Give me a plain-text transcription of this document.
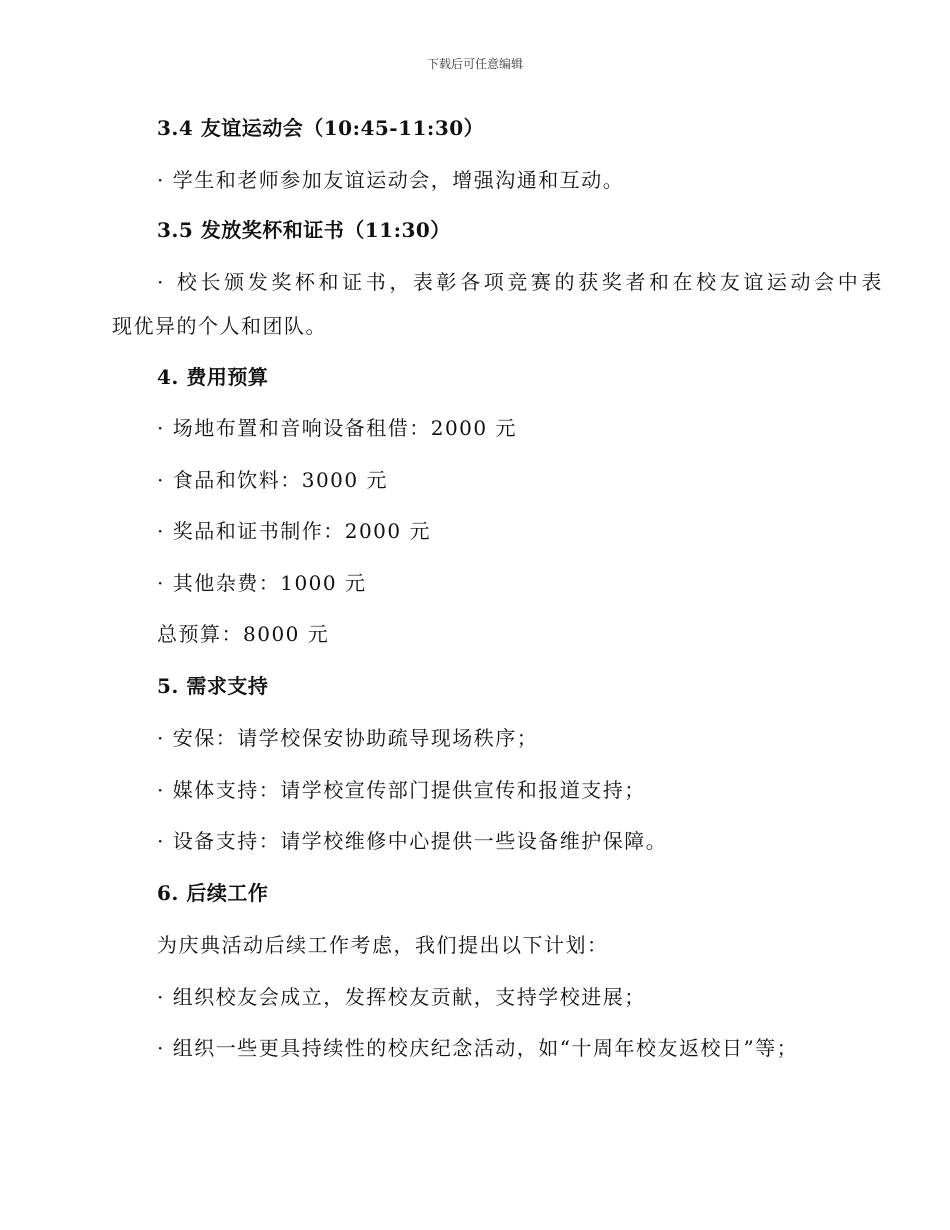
下载后可任意编辑
3.4 友谊运动会（10:45-11:30）
· 学生和老师参加友谊运动会，增强沟通和互动。
3.5 发放奖杯和证书（11:30）
· 校长颁发奖杯和证书，表彰各项竞赛的获奖者和在校友谊运动会中表
现优异的个人和团队。
4. 费用预算
· 场地布置和音响设备租借：2000 元
· 食品和饮料：3000 元
· 奖品和证书制作：2000 元
· 其他杂费：1000 元
总预算：8000 元
5. 需求支持
· 安保：请学校保安协助疏导现场秩序；
· 媒体支持：请学校宣传部门提供宣传和报道支持；
· 设备支持：请学校维修中心提供一些设备维护保障。
6. 后续工作
为庆典活动后续工作考虑，我们提出以下计划：
· 组织校友会成立，发挥校友贡献，支持学校进展；
· 组织一些更具持续性的校庆纪念活动，如“十周年校友返校日”等；
